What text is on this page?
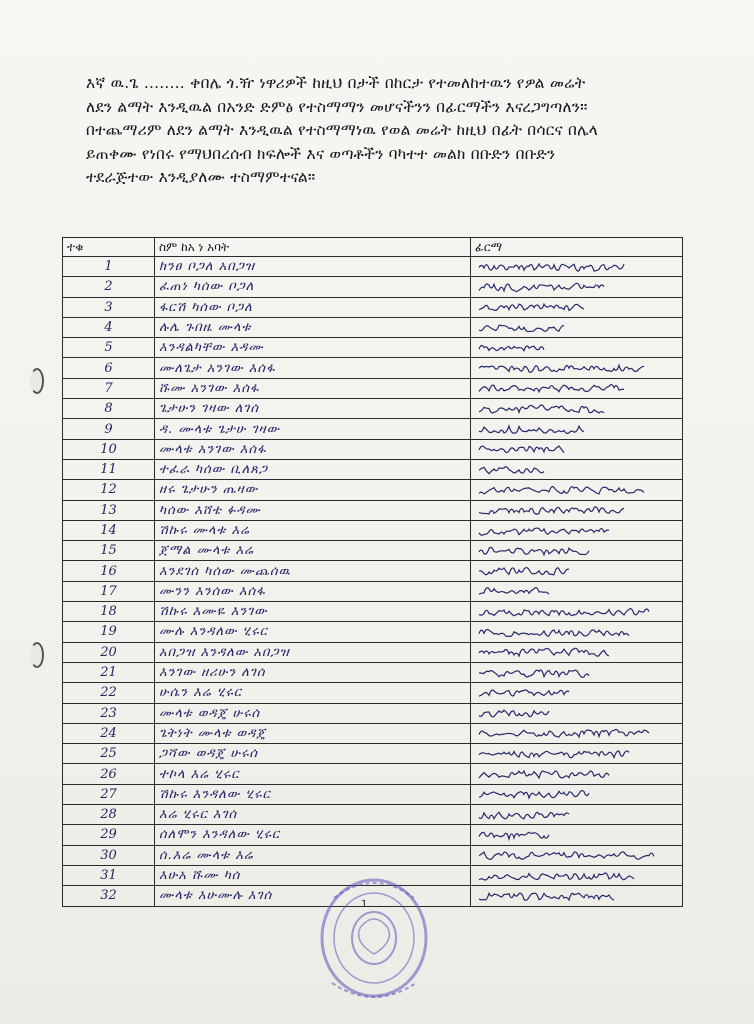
እኛ ዉ.ጌ ........ ቀበሌ ጎ.ዥ ነዋሪዎች ከዚህ በታች በከርታ የተመለከተዉን የዎል መሬት
ለደን ልማት እንዲዉል በአንድ ድምፅ የተስማማን መሆናችንን በፊርማችን እናረጋግጣለን።
በተጨማሪም ለደን ልማት እንዲዉል የተስማማነዉ የወል መሬት ከዚህ በፊት በሳርና በሌላ
ይጠቀሙ የነበሩ የማህበረሰብ ክፍሎች እና ወጣቶችን ባካተተ መልክ በቡድን በቡድን
ተደራጅተው እንዲያለሙ ተስማምተናል።
ተቁ	ስም ከአ ነ አባት	ፊርማ
1	ክንፀ ቦጋለ አበጋዝ	

2	ፈጠነ ካሰው ቦጋለ	

3	ፋርሽ ካሰው ቦጋለ	

4	ሉሌ ጉበዜ ሙላቱ	

5	እንዳልካቸው እዳሙ	

6	ሙለጌታ አንገው እሰፋ	

7	ሹሙ አንገው እሰፋ	

8	ጌታሁን ገዛው ለገሰ	

9	ዳ. ሙላቱ ጌታሁ ገዛው	

10	ሙላቱ አንገው እሰፋ	

11	ተፈራ ካሰው ቢለጸጋ	

12	ዘሩ ጌታሁን ጤዛው	

13	ካሰው እሸቴ ፉዳሙ	

14	ሽኩሩ ሙላቱ እሬ	

15	ጀማል ሙላቱ እሬ	

16	እንደገሰ ካሰው ሙጨሰዉ	

17	ሙንን እንሰው እሰፋ	

18	ሽኩሩ እሙዬ እንገው	

19	ሙሉ እንዳለው ሂሩር	

20	አበጋዝ እንዳለው አበጋዝ	

21	እንገው ዘሪሁን ለገሰ	

22	ሁሴን እሬ ሂሩር	

23	ሙላቱ ወዳጄ ሁሩሰ	

24	ጌትነት ሙላቱ ወዳጄ	

25	ጋሻው ወዳጄ ሁሩሰ	

26	ተኮላ እሬ ሂሩር	

27	ሽኩሩ እንዳለው ሂሩር	

28	እሬ ሂሩር እገሰ	

29	ሰለሞን እንዳለው ሂሩር	

30	ሰ.እሬ ሙላቱ እሬ	

31	እሁአ ሹሙ ካሰ	

32	ሙላቱ እሁሙሉ እገሰ	
1
